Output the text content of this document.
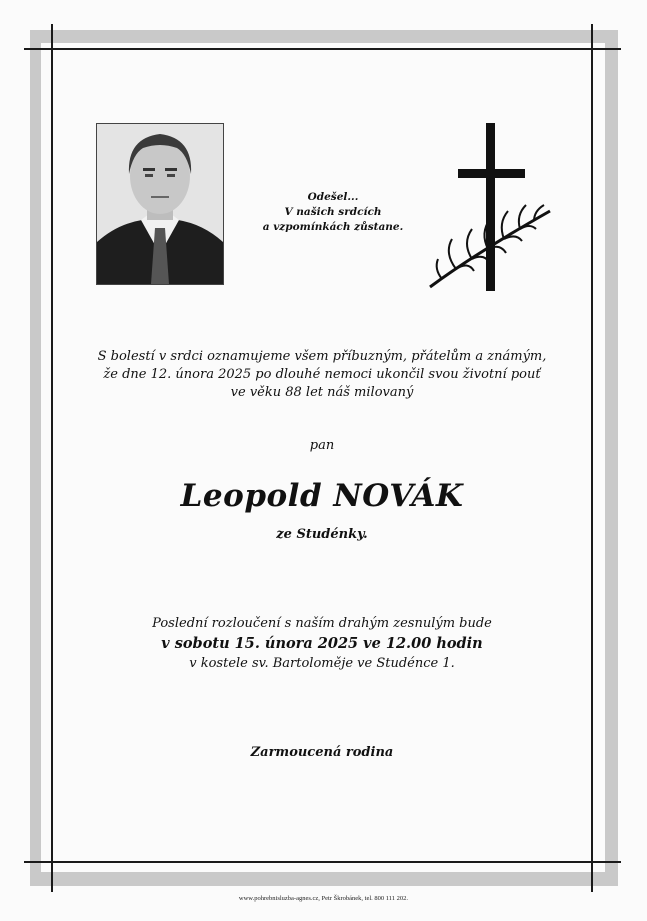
Odešel...
V našich srdcích
a vzpomínkách zůstane.
S bolestí v srdci oznamujeme všem příbuzným, přátelům a známým,
že dne 12. února 2025 po dlouhé nemoci ukončil svou životní pouť
ve věku 88 let náš milovaný
pan
Leopold NOVÁK
ze Studénky.
Poslední rozloučení s naším drahým zesnulým bude
v sobotu 15. února 2025 ve 12.00 hodin
v kostele sv. Bartoloměje ve Studénce 1.
Zarmoucená rodina
www.pohrebnisluzba-agnes.cz, Petr Škrobánek, tel. 800 111 202.
